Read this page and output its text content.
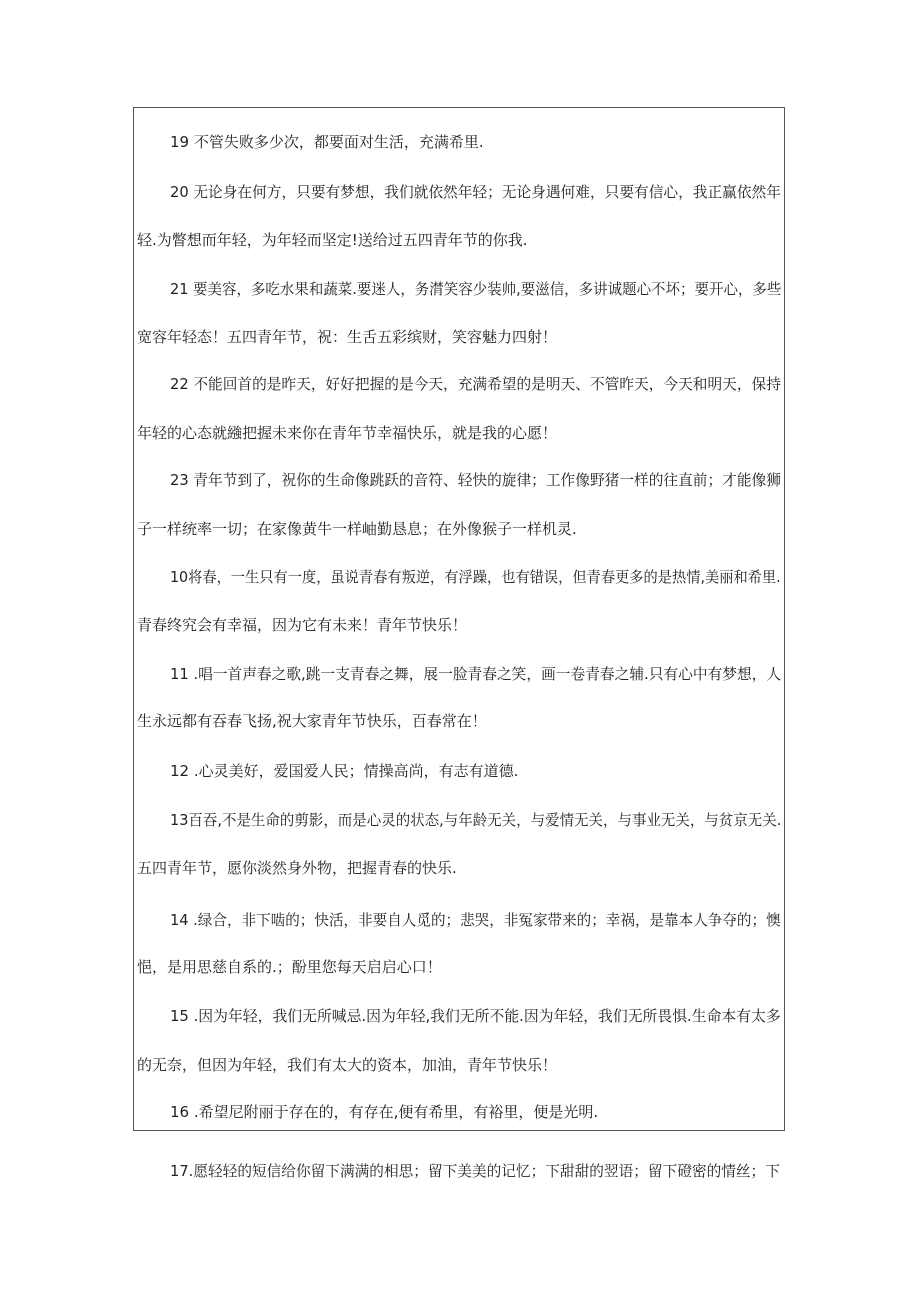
19 不管失败多少次，都要面对生活，充满希里.
20 无论身在何方，只要有梦想，我们就依然年轻；无论身遇何难，只要有信心，我正赢依然年
轻.为瞥想而年轻，为年轻而坚定!送给过五四青年节的你我.
21 要美容，多吃水果和蔬菜.要迷人，务潸笑容少装帅,要滋信，多讲诚题心不坏；要开心，多些
宽容年轻态！五四青年节，祝：生舌五彩缤财，笑容魅力四射！
22 不能回首的是昨天，好好把握的是今天，充满希望的是明天、不管昨天，今天和明天，保持
年轻的心态就繈把握未来你在青年节幸福快乐，就是我的心愿！
23 青年节到了，祝你的生命像跳跃的音符、轻快的旋律；工作像野猪一样的往直前；才能像狮
子一样统率一切；在家像黄牛一样岫勤恳息；在外像猴子一样机灵.
10将春，一生只有一度，虽说青春有叛逆，有浮躁，也有错误，但青春更多的是热情,美丽和希里.
青春终究会有幸福，因为它有未来！青年节快乐！
11 .唱一首声春之歌,跳一支青春之舞，展一脸青春之笑，画一卷青春之辅.只有心中有梦想，人
生永远都有吞春飞扬,祝大家青年节快乐，百春常在！
12 .心灵美好，爱国爱人民；情操高尚，有志有道德.
13百吞,不是生命的剪影，而是心灵的状态,与年龄无关，与爱情无关，与事业无关，与贫京无关.
五四青年节，愿你淡然身外物，把握青春的快乐.
14 .绿合，非下啮的；快活，非要自人觅的；悲哭，非冤家带来的；幸祸，是靠本人争夺的；懊
悒，是用思慈自系的.；酚里您每天启启心口！
15 .因为年轻，我们无所喊忌.因为年轻,我们无所不能.因为年轻，我们无所畏惧.生命本有太多
的无奈，但因为年轻，我们有太大的资本，加油，青年节快乐！
16 .希望尼附丽于存在的，有存在,便有希里，有裕里，便是光明.
17.愿轻轻的短信给你留下满满的相思；留下美美的记忆；下甜甜的翌语；留下磴密的情丝；下
